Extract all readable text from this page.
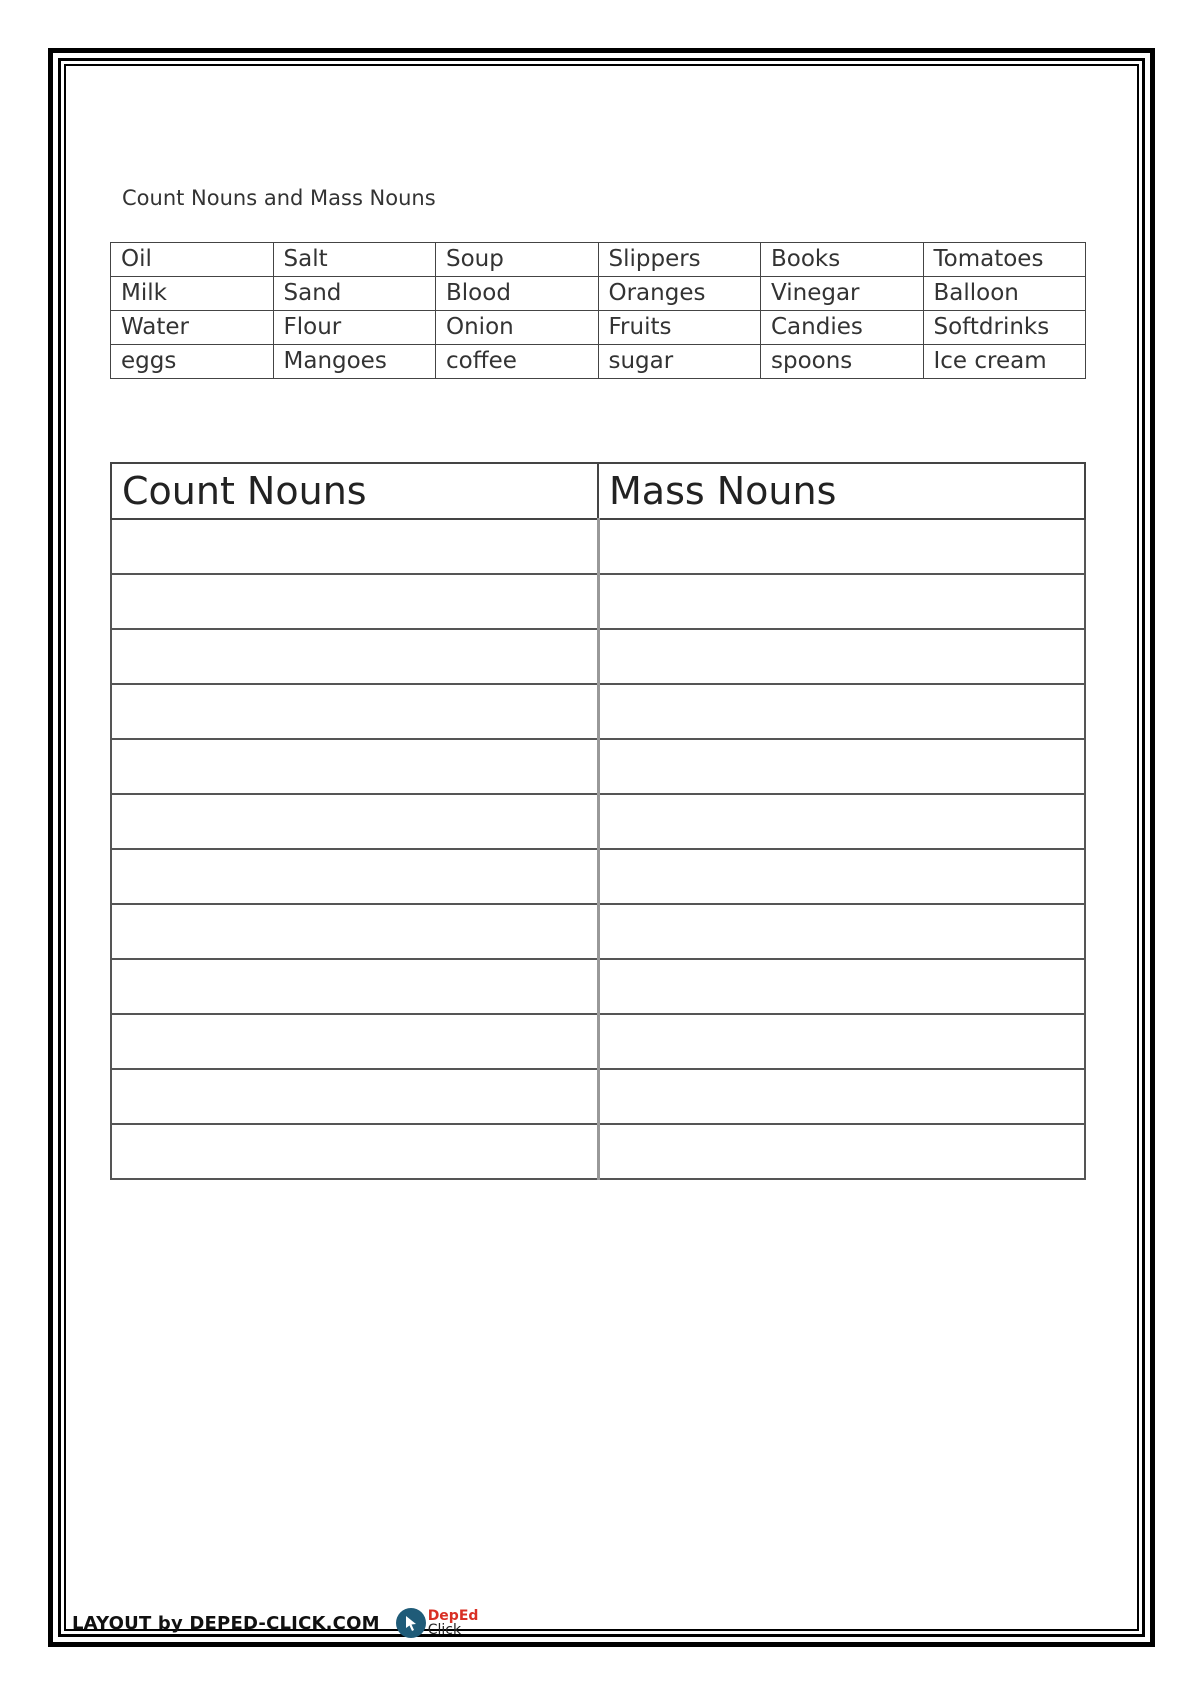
Count Nouns and Mass Nouns
Oil	Salt	Soup	Slippers	Books	Tomatoes
Milk	Sand	Blood	Oranges	Vinegar	Balloon
Water	Flour	Onion	Fruits	Candies	Softdrinks
eggs	Mangoes	coffee	sugar	spoons	Ice cream
Count Nouns	Mass Nouns

LAYOUT by DEPED-CLICK.COM	DepEd
Click
